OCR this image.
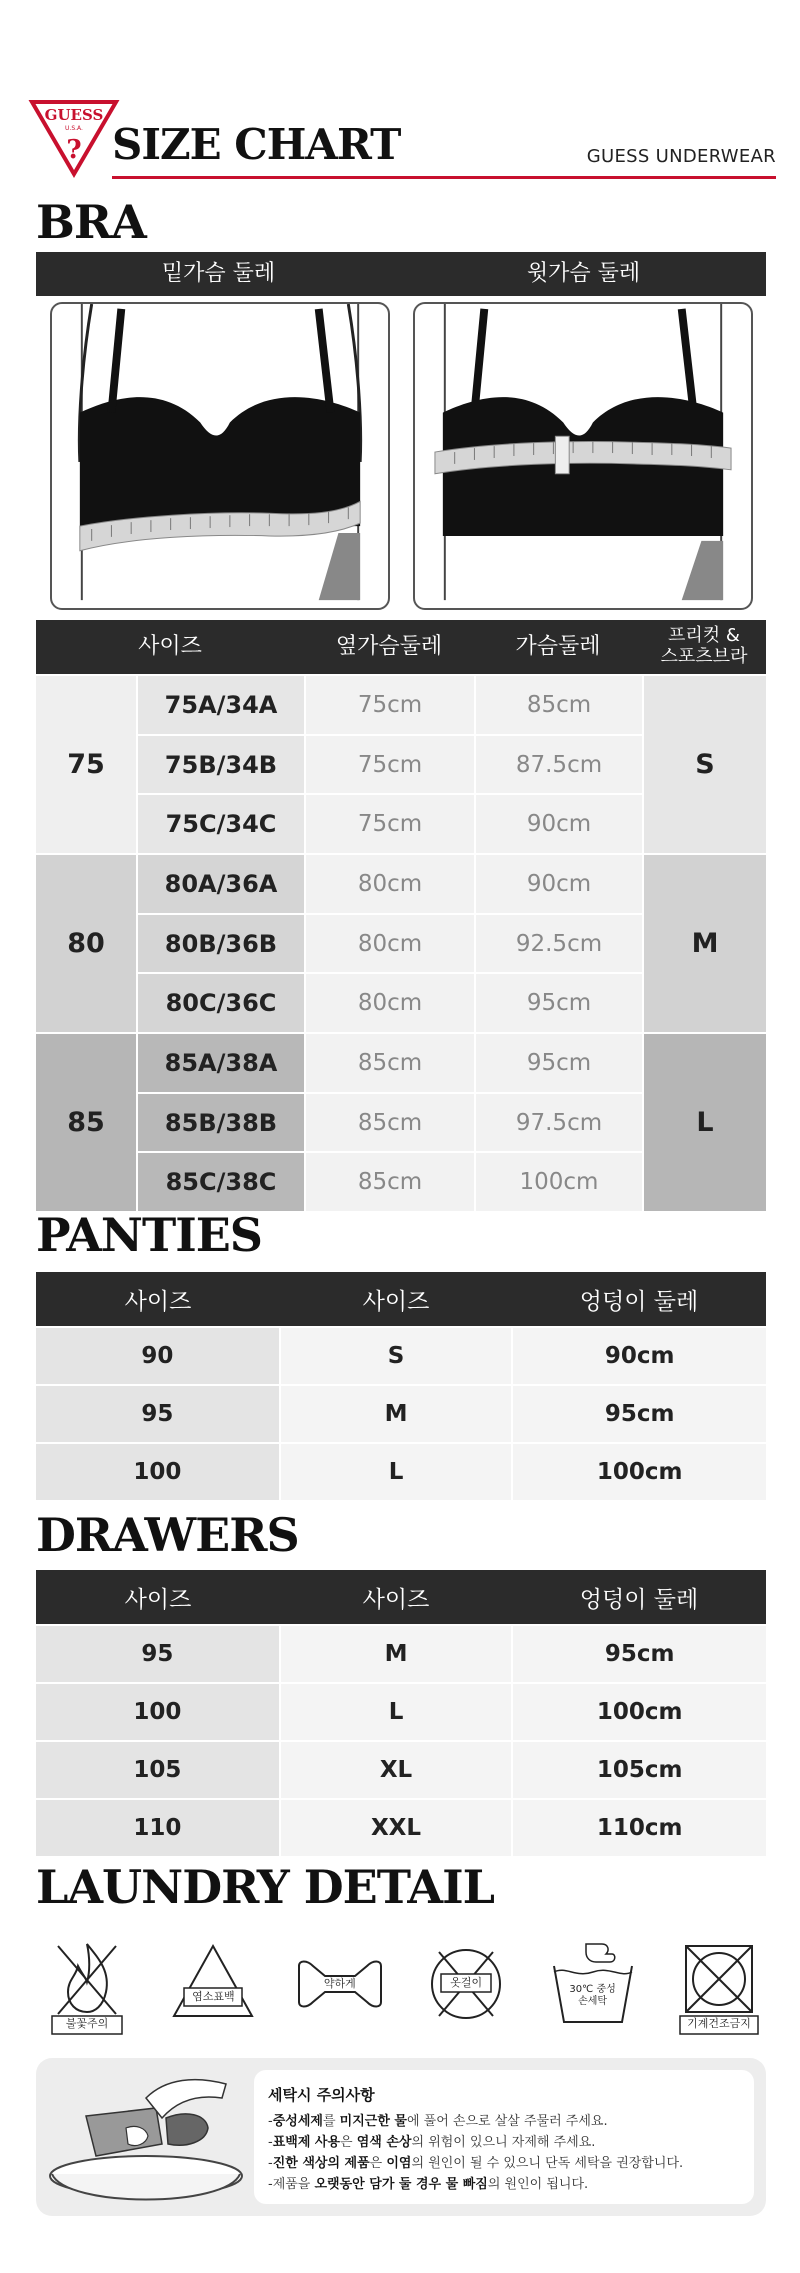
GUESS
U.S.A.
? SIZE CHART	GUESS UNDERWEAR
BRA
밑가슴 둘레	윗가슴 둘레
사이즈	옆가슴둘레	가슴둘레	프리컷 &
스포츠브라
75
75A/34A	75cm	85cm
75B/34B	75cm	87.5cm
75C/34C	75cm	90cm
S
80
80A/36A	80cm	90cm
80B/36B	80cm	92.5cm
80C/36C	80cm	95cm
M
85
85A/38A	85cm	95cm
85B/38B	85cm	97.5cm
85C/38C	85cm	100cm
L
PANTIES
사이즈	사이즈	엉덩이 둘레
90	S	90cm
95	M	95cm
100	L	100cm
DRAWERS
사이즈	사이즈	엉덩이 둘레
95	M	95cm
100	L	100cm
105	XL	105cm
110	XXL	110cm
LAUNDRY DETAIL
불꽃주의
염소표백
약하게	옷걸이
30℃ 중성
손세탁
기계건조금지
세탁시 주의사항
-중성세제를 미지근한 물에 풀어 손으로 살살 주물러 주세요.
-표백제 사용은 염색 손상의 위험이 있으니 자제해 주세요.
-진한 색상의 제품은 이염의 원인이 될 수 있으니 단독 세탁을 권장합니다.
-제품을 오랫동안 담가 둘 경우 물 빠짐의 원인이 됩니다.
